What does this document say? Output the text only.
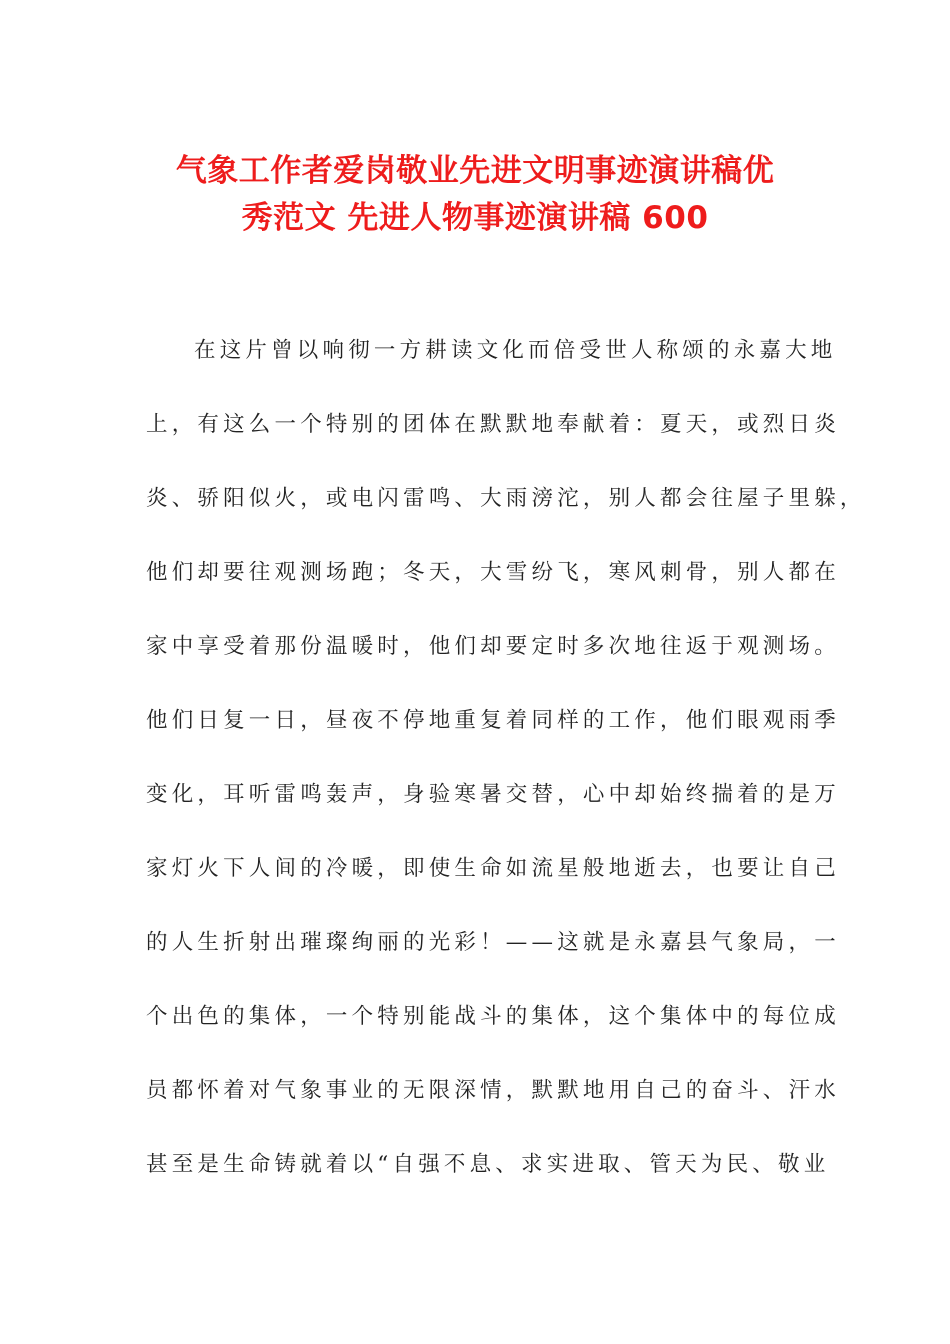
气象工作者爱岗敬业先进文明事迹演讲稿优
秀范文 先进人物事迹演讲稿 600
在这片曾以响彻一方耕读文化而倍受世人称颂的永嘉大地
上，有这么一个特别的团体在默默地奉献着：夏天，或烈日炎
炎、骄阳似火，或电闪雷鸣、大雨滂沱，别人都会往屋子里躲，
他们却要往观测场跑；冬天，大雪纷飞，寒风刺骨，别人都在
家中享受着那份温暖时，他们却要定时多次地往返于观测场。
他们日复一日，昼夜不停地重复着同样的工作，他们眼观雨季
变化，耳听雷鸣轰声，身验寒暑交替，心中却始终揣着的是万
家灯火下人间的冷暖，即使生命如流星般地逝去，也要让自己
的人生折射出璀璨绚丽的光彩！——这就是永嘉县气象局，一
个出色的集体，一个特别能战斗的集体，这个集体中的每位成
员都怀着对气象事业的无限深情，默默地用自己的奋斗、汗水
甚至是生命铸就着以“自强不息、求实进取、管天为民、敬业
